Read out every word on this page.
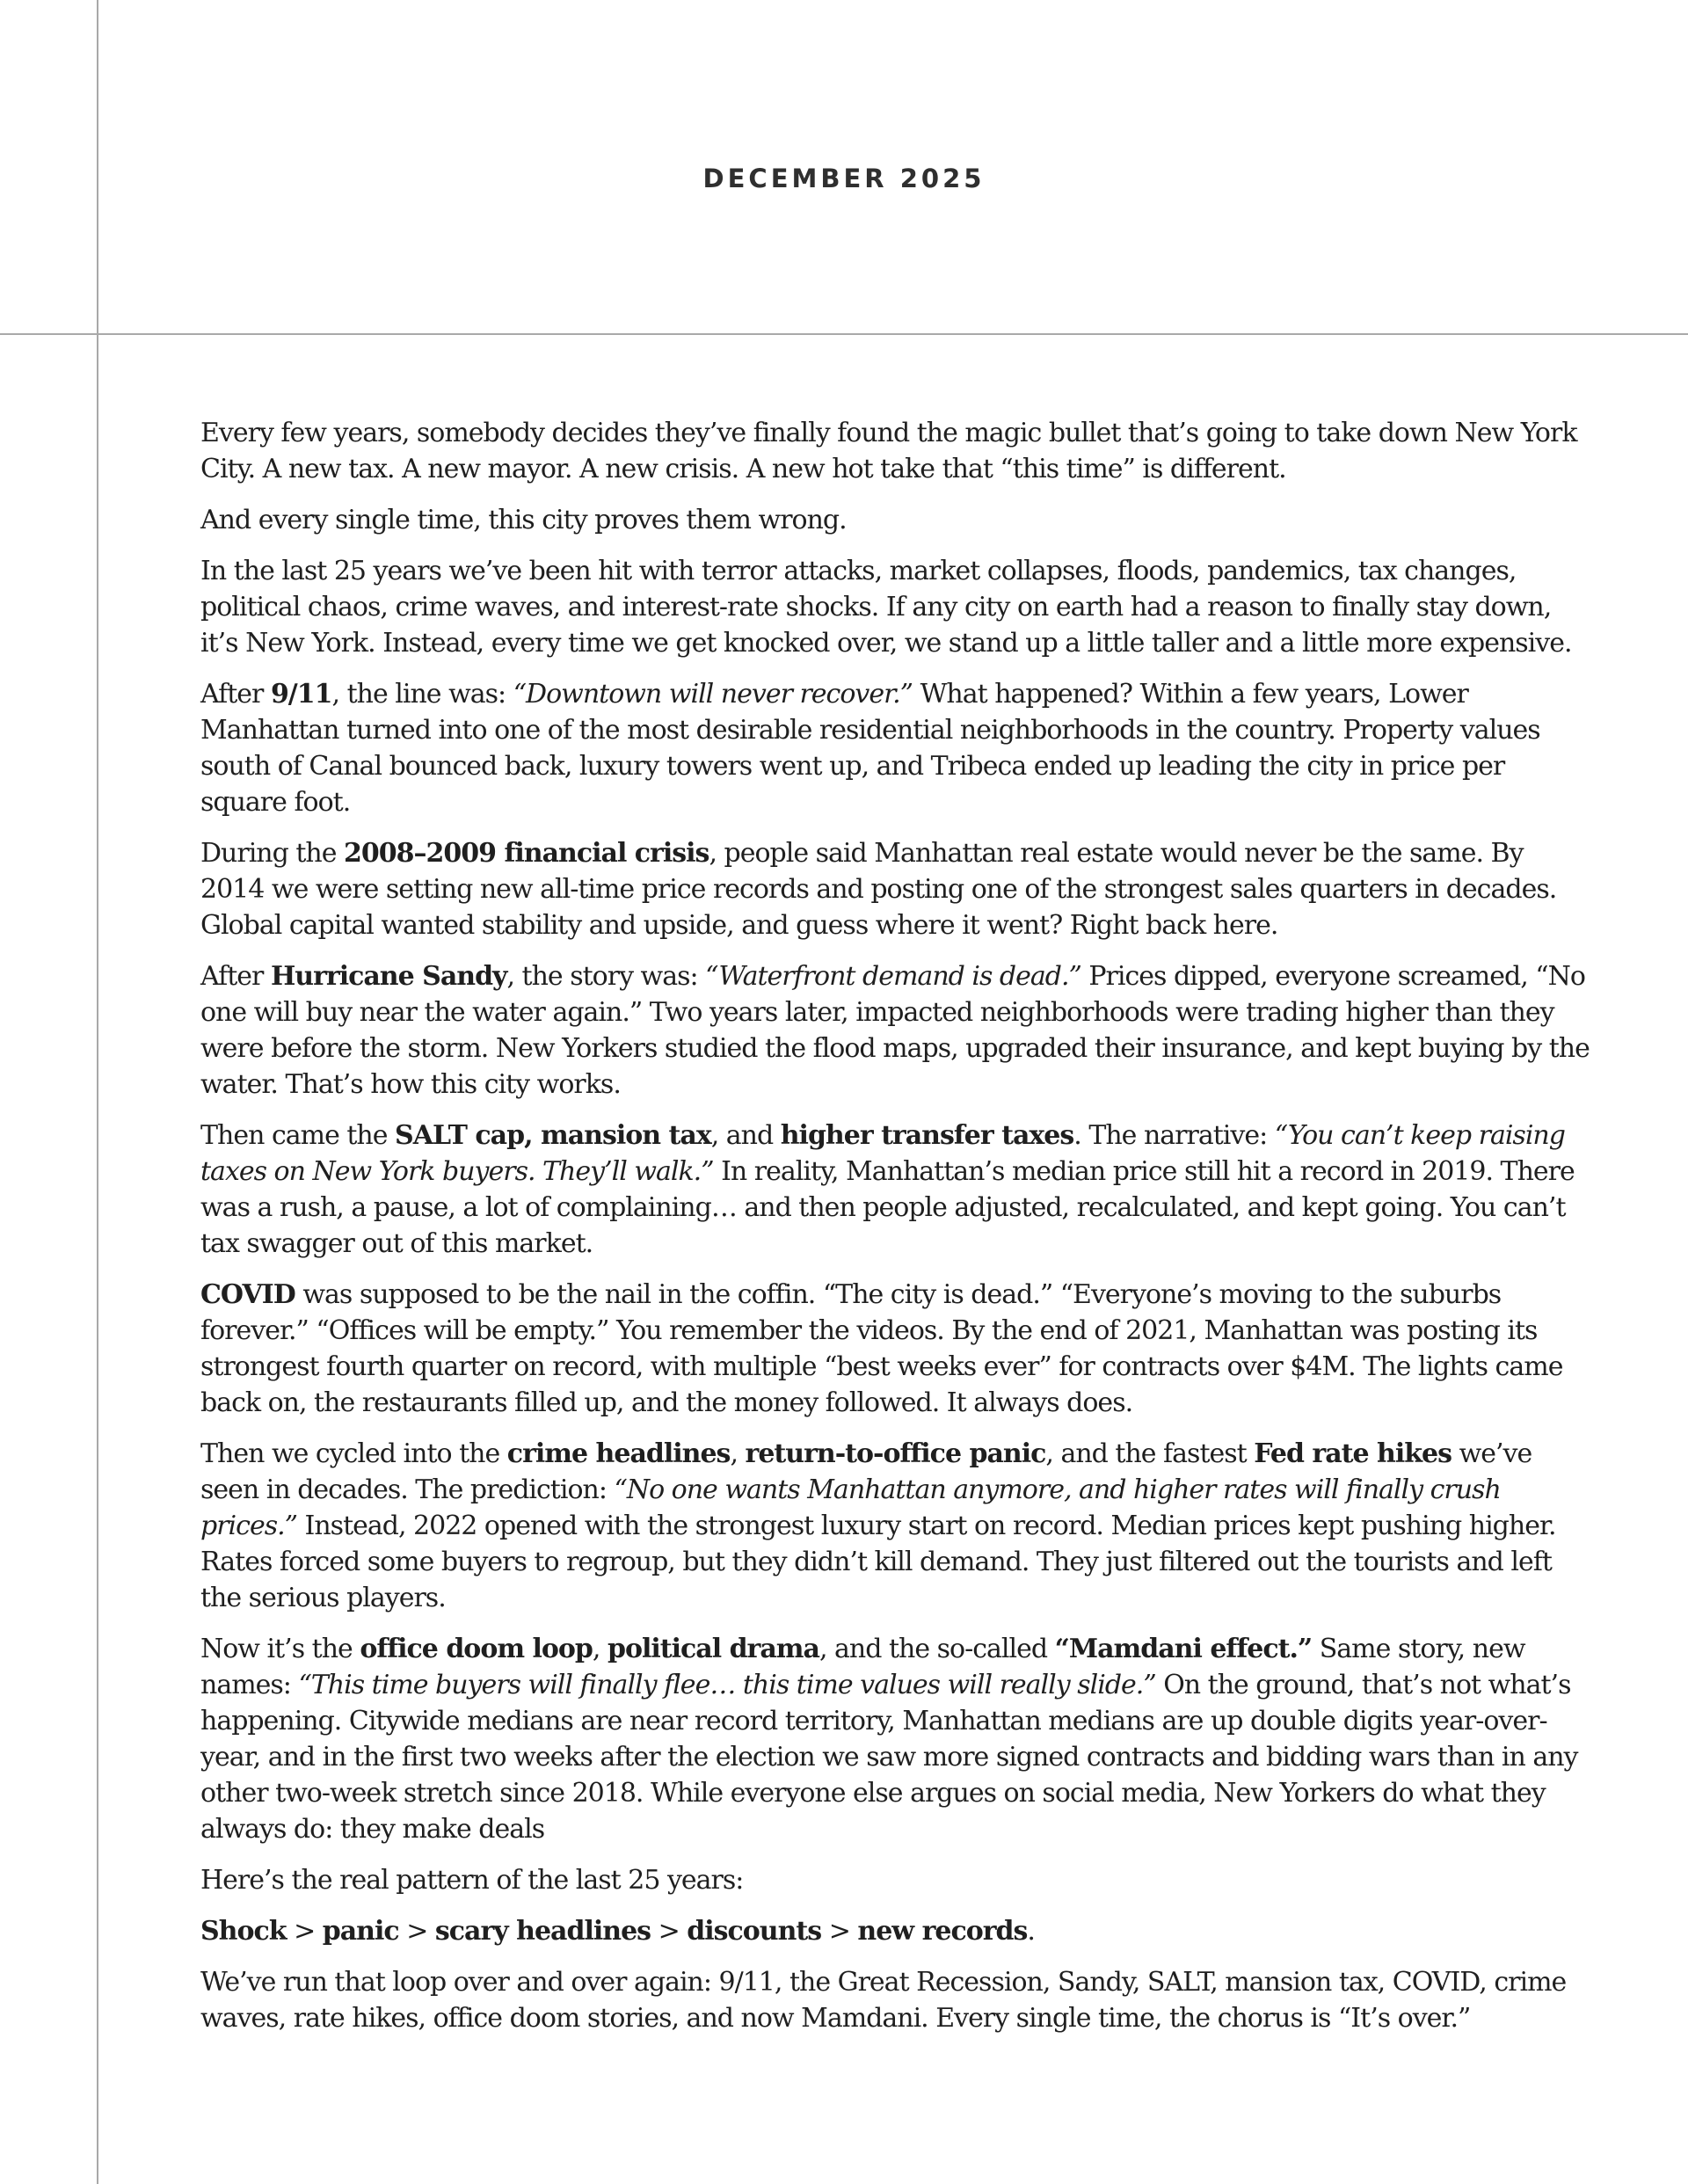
DECEMBER 2025

Every few years, somebody decides they’ve finally found the magic bullet that’s going to take down New York City. A new tax. A new mayor. A new crisis. A new hot take that “this time” is different.

And every single time, this city proves them wrong.

In the last 25 years we’ve been hit with terror attacks, market collapses, floods, pandemics, tax changes, political chaos, crime waves, and interest-rate shocks. If any city on earth had a reason to finally stay down, it’s New York. Instead, every time we get knocked over, we stand up a little taller and a little more expensive.

After 9/11, the line was: “Downtown will never recover.” What happened? Within a few years, Lower Manhattan turned into one of the most desirable residential neighborhoods in the country. Property values south of Canal bounced back, luxury towers went up, and Tribeca ended up leading the city in price per square foot.

During the 2008–2009 financial crisis, people said Manhattan real estate would never be the same. By 2014 we were setting new all-time price records and posting one of the strongest sales quarters in decades. Global capital wanted stability and upside, and guess where it went? Right back here.

After Hurricane Sandy, the story was: “Waterfront demand is dead.” Prices dipped, everyone screamed, “No one will buy near the water again.” Two years later, impacted neighborhoods were trading higher than they were before the storm. New Yorkers studied the flood maps, upgraded their insurance, and kept buying by the water. That’s how this city works.

Then came the SALT cap, mansion tax, and higher transfer taxes. The narrative: “You can’t keep raising taxes on New York buyers. They’ll walk.” In reality, Manhattan’s median price still hit a record in 2019. There was a rush, a pause, a lot of complaining… and then people adjusted, recalculated, and kept going. You can’t tax swagger out of this market.

COVID was supposed to be the nail in the coffin. “The city is dead.” “Everyone’s moving to the suburbs forever.” “Offices will be empty.” You remember the videos. By the end of 2021, Manhattan was posting its strongest fourth quarter on record, with multiple “best weeks ever” for contracts over $4M. The lights came back on, the restaurants filled up, and the money followed. It always does.

Then we cycled into the crime headlines, return-to-office panic, and the fastest Fed rate hikes we’ve seen in decades. The prediction: “No one wants Manhattan anymore, and higher rates will finally crush prices.” Instead, 2022 opened with the strongest luxury start on record. Median prices kept pushing higher. Rates forced some buyers to regroup, but they didn’t kill demand. They just filtered out the tourists and left the serious players.

Now it’s the office doom loop, political drama, and the so-called “Mamdani effect.” Same story, new names: “This time buyers will finally flee… this time values will really slide.” On the ground, that’s not what’s happening. Citywide medians are near record territory, Manhattan medians are up double digits year-over-year, and in the first two weeks after the election we saw more signed contracts and bidding wars than in any other two-week stretch since 2018. While everyone else argues on social media, New Yorkers do what they always do: they make deals

Here’s the real pattern of the last 25 years:

Shock > panic > scary headlines > discounts > new records.

We’ve run that loop over and over again: 9/11, the Great Recession, Sandy, SALT, mansion tax, COVID, crime waves, rate hikes, office doom stories, and now Mamdani. Every single time, the chorus is “It’s over.”
